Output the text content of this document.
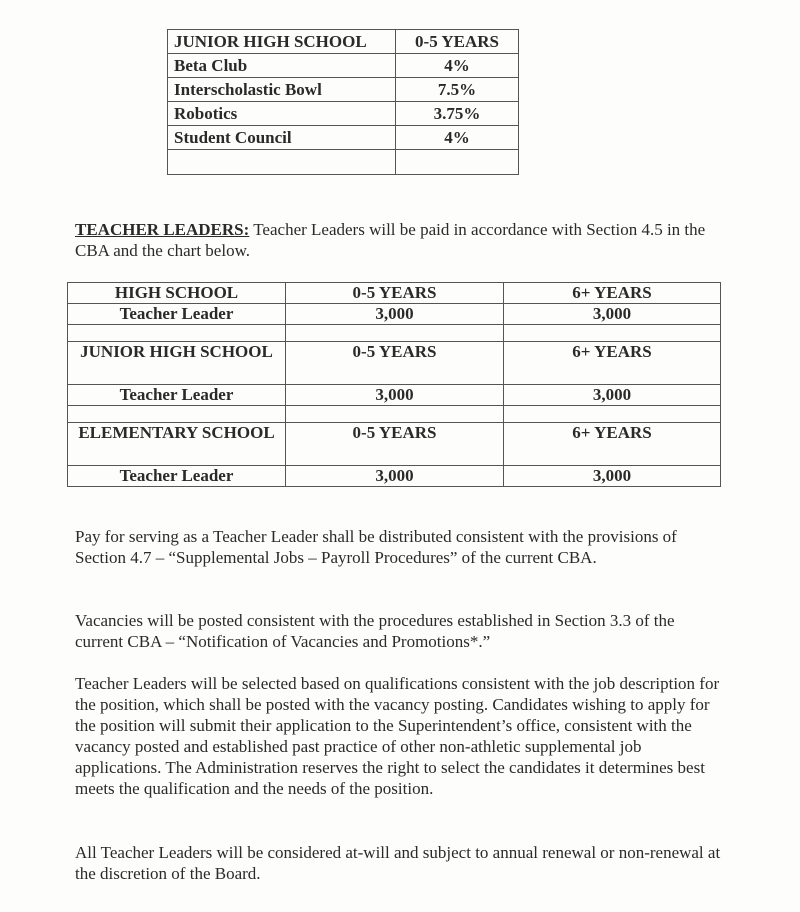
JUNIOR HIGH SCHOOL	0-5 YEARS
Beta Club	4%
Interscholastic Bowl	7.5%
Robotics	3.75%
Student Council	4%

TEACHER LEADERS: Teacher Leaders will be paid in accordance with Section 4.5 in the CBA and the chart below.
HIGH SCHOOL	0-5 YEARS	6+ YEARS
Teacher Leader	3,000	3,000

JUNIOR HIGH SCHOOL	0-5 YEARS	6+ YEARS
Teacher Leader	3,000	3,000

ELEMENTARY SCHOOL	0-5 YEARS	6+ YEARS
Teacher Leader	3,000	3,000
Pay for serving as a Teacher Leader shall be distributed consistent with the provisions of Section 4.7 – “Supplemental Jobs – Payroll Procedures” of the current CBA.
Vacancies will be posted consistent with the procedures established in Section 3.3 of the current CBA – “Notification of Vacancies and Promotions*.”
Teacher Leaders will be selected based on qualifications consistent with the job description for the position, which shall be posted with the vacancy posting. Candidates wishing to apply for the position will submit their application to the Superintendent’s office, consistent with the vacancy posted and established past practice of other non-athletic supplemental job applications. The Administration reserves the right to select the candidates it determines best meets the qualification and the needs of the position.
All Teacher Leaders will be considered at-will and subject to annual renewal or non-renewal at the discretion of the Board.
